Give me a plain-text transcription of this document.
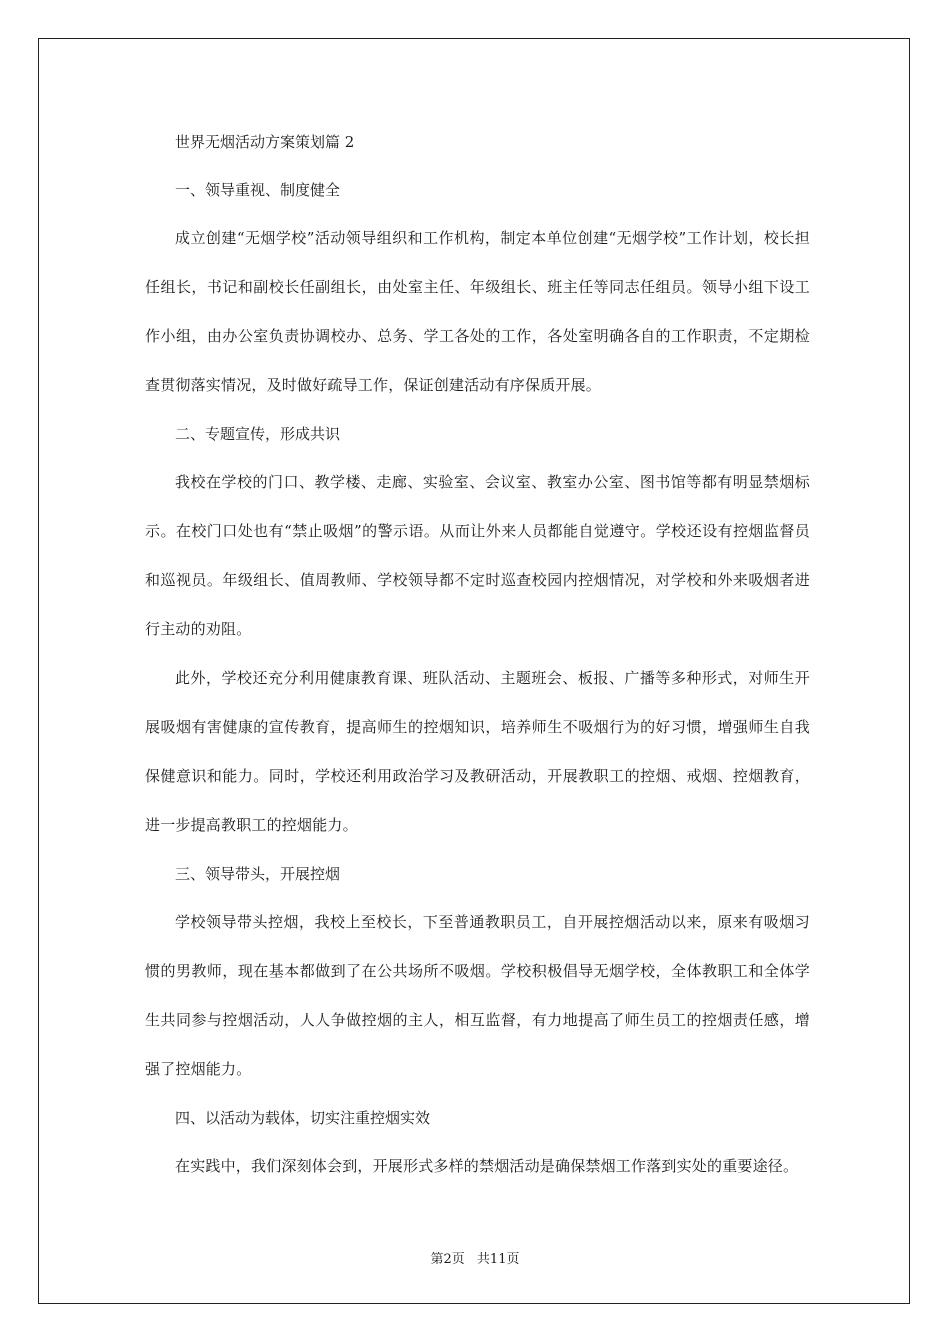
世界无烟活动方案策划篇 2

一、领导重视、制度健全

成立创建“无烟学校”活动领导组织和工作机构，制定本单位创建“无烟学校”工作计划，校长担任组长，书记和副校长任副组长，由处室主任、年级组长、班主任等同志任组员。领导小组下设工作小组，由办公室负责协调校办、总务、学工各处的工作，各处室明确各自的工作职责，不定期检查贯彻落实情况，及时做好疏导工作，保证创建活动有序保质开展。

二、专题宣传，形成共识

我校在学校的门口、教学楼、走廊、实验室、会议室、教室办公室、图书馆等都有明显禁烟标示。在校门口处也有“禁止吸烟”的警示语。从而让外来人员都能自觉遵守。学校还设有控烟监督员和巡视员。年级组长、值周教师、学校领导都不定时巡查校园内控烟情况，对学校和外来吸烟者进行主动的劝阻。

此外，学校还充分利用健康教育课、班队活动、主题班会、板报、广播等多种形式，对师生开展吸烟有害健康的宣传教育，提高师生的控烟知识，培养师生不吸烟行为的好习惯，增强师生自我保健意识和能力。同时，学校还利用政治学习及教研活动，开展教职工的控烟、戒烟、控烟教育，进一步提高教职工的控烟能力。

三、领导带头，开展控烟

学校领导带头控烟，我校上至校长，下至普通教职员工，自开展控烟活动以来，原来有吸烟习惯的男教师，现在基本都做到了在公共场所不吸烟。学校积极倡导无烟学校，全体教职工和全体学生共同参与控烟活动，人人争做控烟的主人，相互监督，有力地提高了师生员工的控烟责任感，增强了控烟能力。

四、以活动为载体，切实注重控烟实效

在实践中，我们深刻体会到，开展形式多样的禁烟活动是确保禁烟工作落到实处的重要途径。

第2页 共11页
